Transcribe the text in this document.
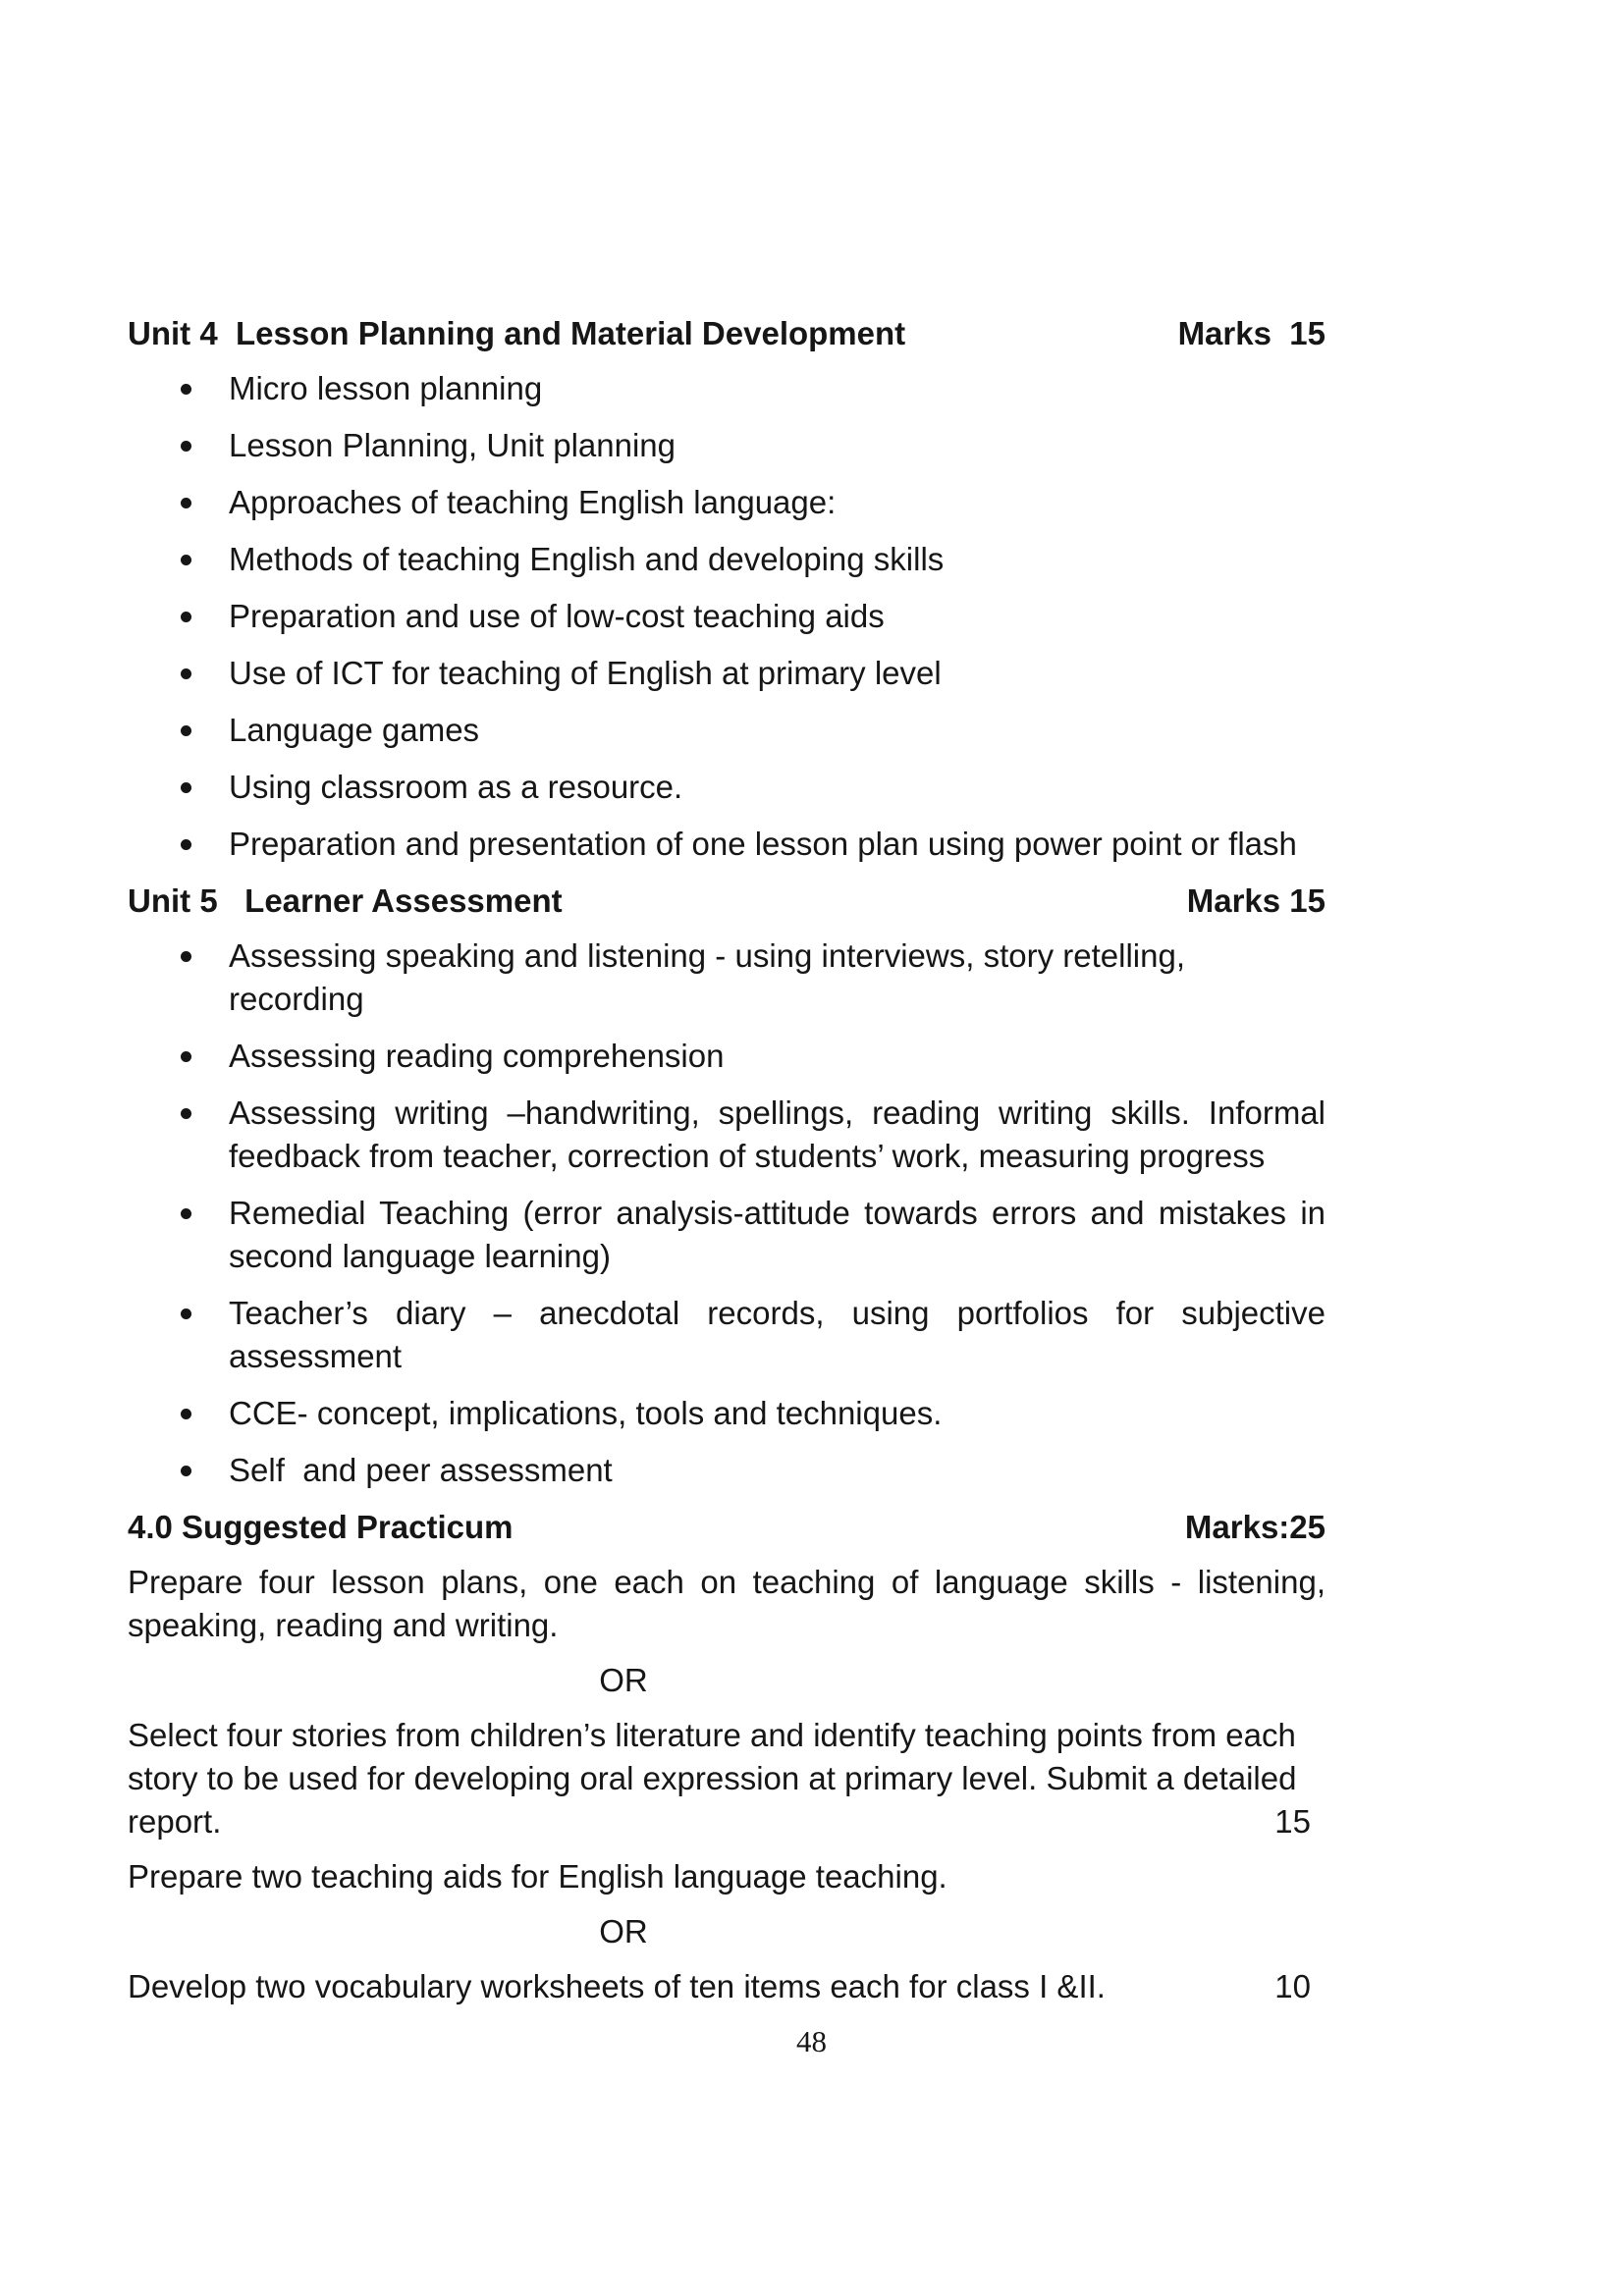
Unit 4  Lesson Planning and Material Development	Marks  15
Micro lesson planning
Lesson Planning, Unit planning
Approaches of teaching English language:
Methods of teaching English and developing skills
Preparation and use of low-cost teaching aids
Use of ICT for teaching of English at primary level
Language games
Using classroom as a resource.
Preparation and presentation of one lesson plan using power point or flash
Unit 5   Learner Assessment	Marks 15
Assessing speaking and listening - using interviews, story retelling, recording
Assessing reading comprehension
Assessing writing –handwriting, spellings, reading writing skills. Informal feedback from teacher, correction of students’ work, measuring progress
Remedial Teaching (error analysis-attitude towards errors and mistakes in second language learning)
Teacher’s diary – anecdotal records, using portfolios for subjective assessment
CCE- concept, implications, tools and techniques.
Self  and peer assessment
4.0 Suggested Practicum	Marks:25

Prepare four lesson plans, one each on teaching of language skills - listening, speaking, reading and writing.

OR

Select four stories from children’s literature and identify teaching points from each story to be used for developing oral expression at primary level. Submit a detailed report.	15

Prepare two teaching aids for English language teaching.

OR

Develop two vocabulary worksheets of ten items each for class I &II.	10

48
